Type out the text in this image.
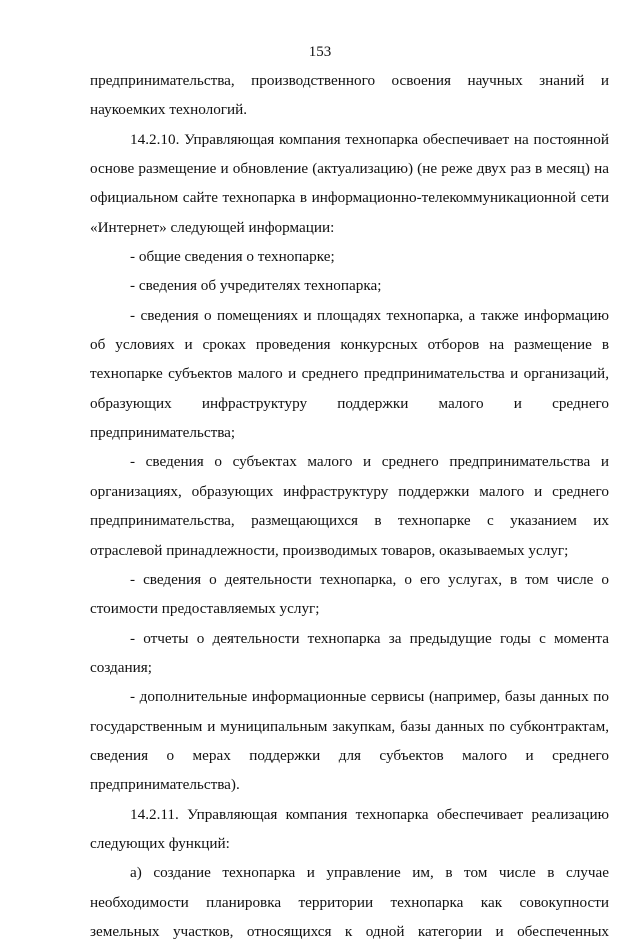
153

предпринимательства, производственного освоения научных знаний и наукоемких технологий.

14.2.10. Управляющая компания технопарка обеспечивает на постоянной основе размещение и обновление (актуализацию) (не реже двух раз в месяц) на официальном сайте технопарка в информационно-телекоммуникационной сети «Интернет» следующей информации:

- общие сведения о технопарке;

- сведения об учредителях технопарка;

- сведения о помещениях и площадях технопарка, а также информацию об условиях и сроках проведения конкурсных отборов на размещение в технопарке субъектов малого и среднего предпринимательства и организаций, образующих инфраструктуру поддержки малого и среднего предпринимательства;

- сведения о субъектах малого и среднего предпринимательства и организациях, образующих инфраструктуру поддержки малого и среднего предпринимательства, размещающихся в технопарке с указанием их отраслевой принадлежности, производимых товаров, оказываемых услуг;

- сведения о деятельности технопарка, о его услугах, в том числе о стоимости предоставляемых услуг;

- отчеты о деятельности технопарка за предыдущие годы с момента создания;

- дополнительные информационные сервисы (например, базы данных по государственным и муниципальным закупкам, базы данных по субконтрактам, сведения о мерах поддержки для субъектов малого и среднего предпринимательства).

14.2.11. Управляющая компания технопарка обеспечивает реализацию следующих функций:

а) создание технопарка и управление им, в том числе в случае необходимости планировка территории технопарка как совокупности земельных участков, относящихся к одной категории и обеспеченных
